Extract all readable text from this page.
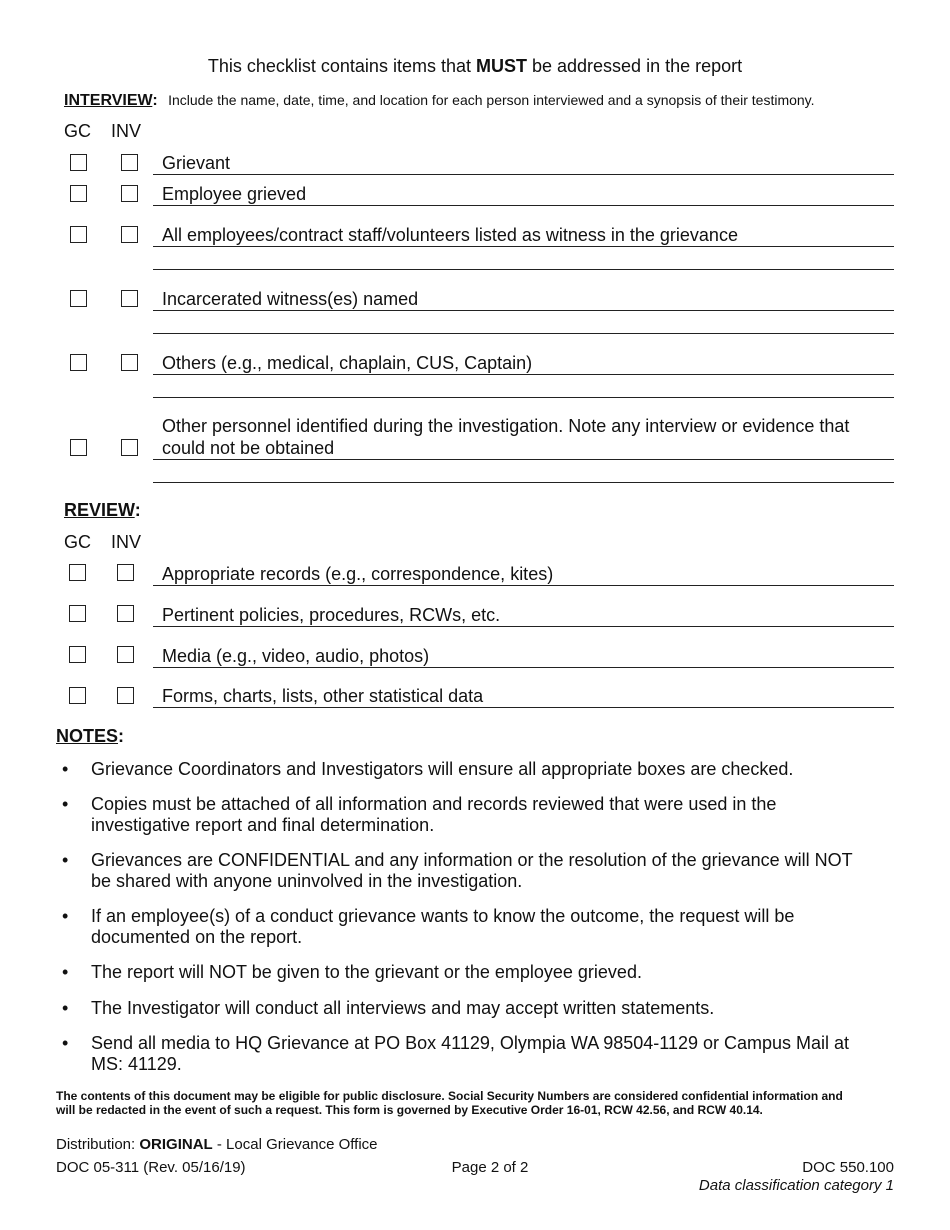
This checklist contains items that MUST be addressed in the report
INTERVIEW: Include the name, date, time, and location for each person interviewed and a synopsis of their testimony.
GC INV
Grievant
Employee grieved
All employees/contract staff/volunteers listed as witness in the grievance
Incarcerated witness(es) named
Others (e.g., medical, chaplain, CUS, Captain)
Other personnel identified during the investigation. Note any interview or evidence that
could not be obtained
REVIEW:
GC INV
Appropriate records (e.g., correspondence, kites)
Pertinent policies, procedures, RCWs, etc.
Media (e.g., video, audio, photos)
Forms, charts, lists, other statistical data
NOTES:
• Grievance Coordinators and Investigators will ensure all appropriate boxes are checked.
• Copies must be attached of all information and records reviewed that were used in the
investigative report and final determination.
• Grievances are CONFIDENTIAL and any information or the resolution of the grievance will NOT
be shared with anyone uninvolved in the investigation.
• If an employee(s) of a conduct grievance wants to know the outcome, the request will be
documented on the report.
• The report will NOT be given to the grievant or the employee grieved.
• The Investigator will conduct all interviews and may accept written statements.
• Send all media to HQ Grievance at PO Box 41129, Olympia WA 98504-1129 or Campus Mail at
MS: 41129.
The contents of this document may be eligible for public disclosure. Social Security Numbers are considered confidential information and
will be redacted in the event of such a request. This form is governed by Executive Order 16-01, RCW 42.56, and RCW 40.14.
Distribution: ORIGINAL - Local Grievance Office
DOC 05-311 (Rev. 05/16/19)	Page 2 of 2	DOC 550.100
Data classification category 1
